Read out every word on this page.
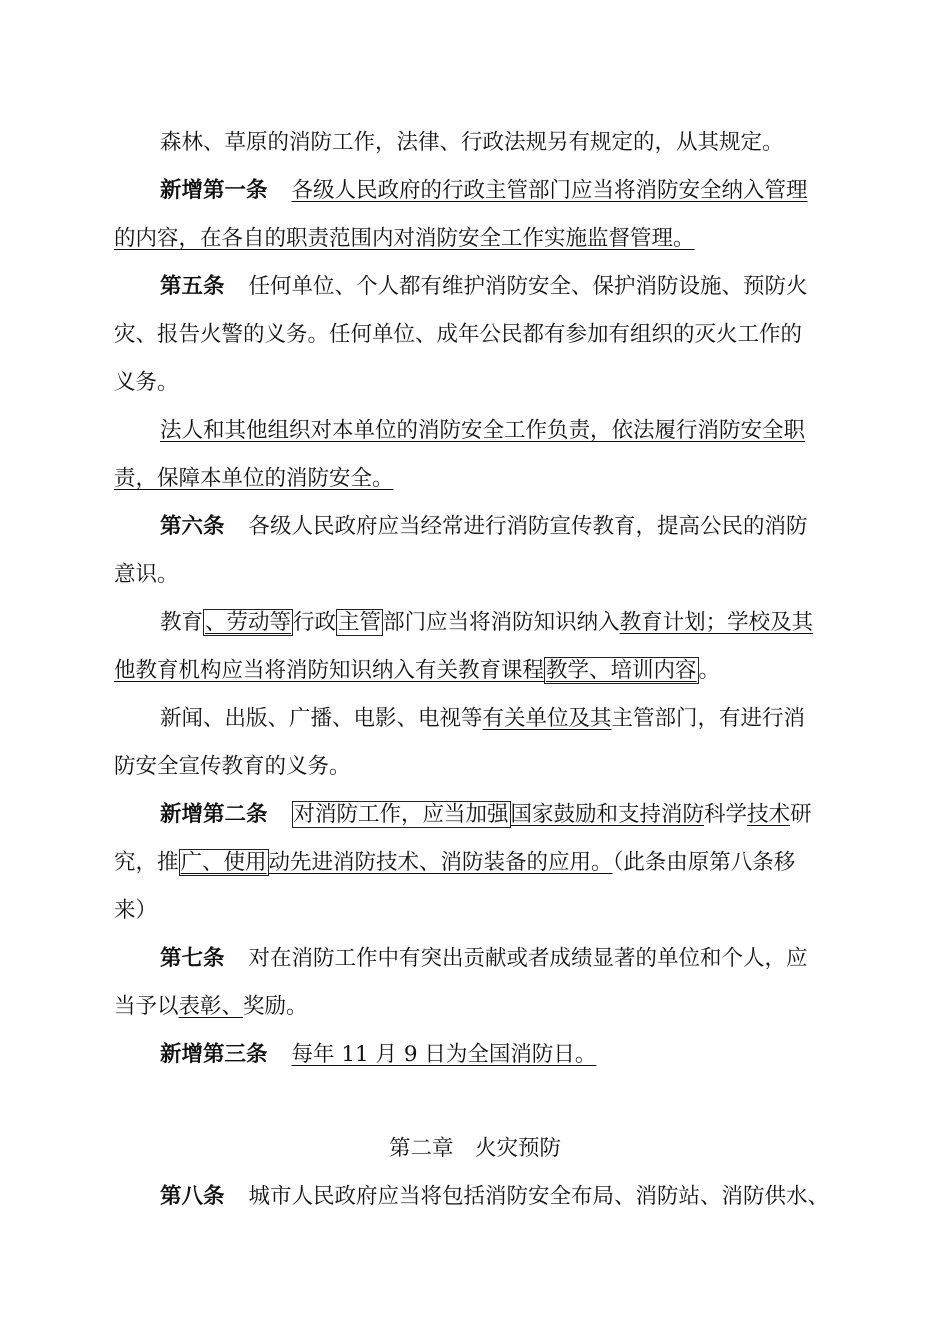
森林、草原的消防工作，法律、行政法规另有规定的，从其规定。
新增第一条 各级人民政府的行政主管部门应当将消防安全纳入管理
的内容，在各自的职责范围内对消防安全工作实施监督管理。
第五条 任何单位、个人都有维护消防安全、保护消防设施、预防火
灾、报告火警的义务。任何单位、成年公民都有参加有组织的灭火工作的
义务。
法人和其他组织对本单位的消防安全工作负责，依法履行消防安全职
责，保障本单位的消防安全。
第六条 各级人民政府应当经常进行消防宣传教育，提高公民的消防
意识。
教育、劳动等行政主管部门应当将消防知识纳入教育计划；学校及其
他教育机构应当将消防知识纳入有关教育课程教学、培训内容。
新闻、出版、广播、电影、电视等有关单位及其主管部门，有进行消
防安全宣传教育的义务。
新增第二条 对消防工作，应当加强国家鼓励和支持消防科学技术研
究，推广、使用动先进消防技术、消防装备的应用。（此条由原第八条移
来）
第七条 对在消防工作中有突出贡献或者成绩显著的单位和个人，应
当予以表彰、奖励。
新增第三条 每年 11 月 9 日为全国消防日。
第二章　火灾预防
第八条 城市人民政府应当将包括消防安全布局、消防站、消防供水、
